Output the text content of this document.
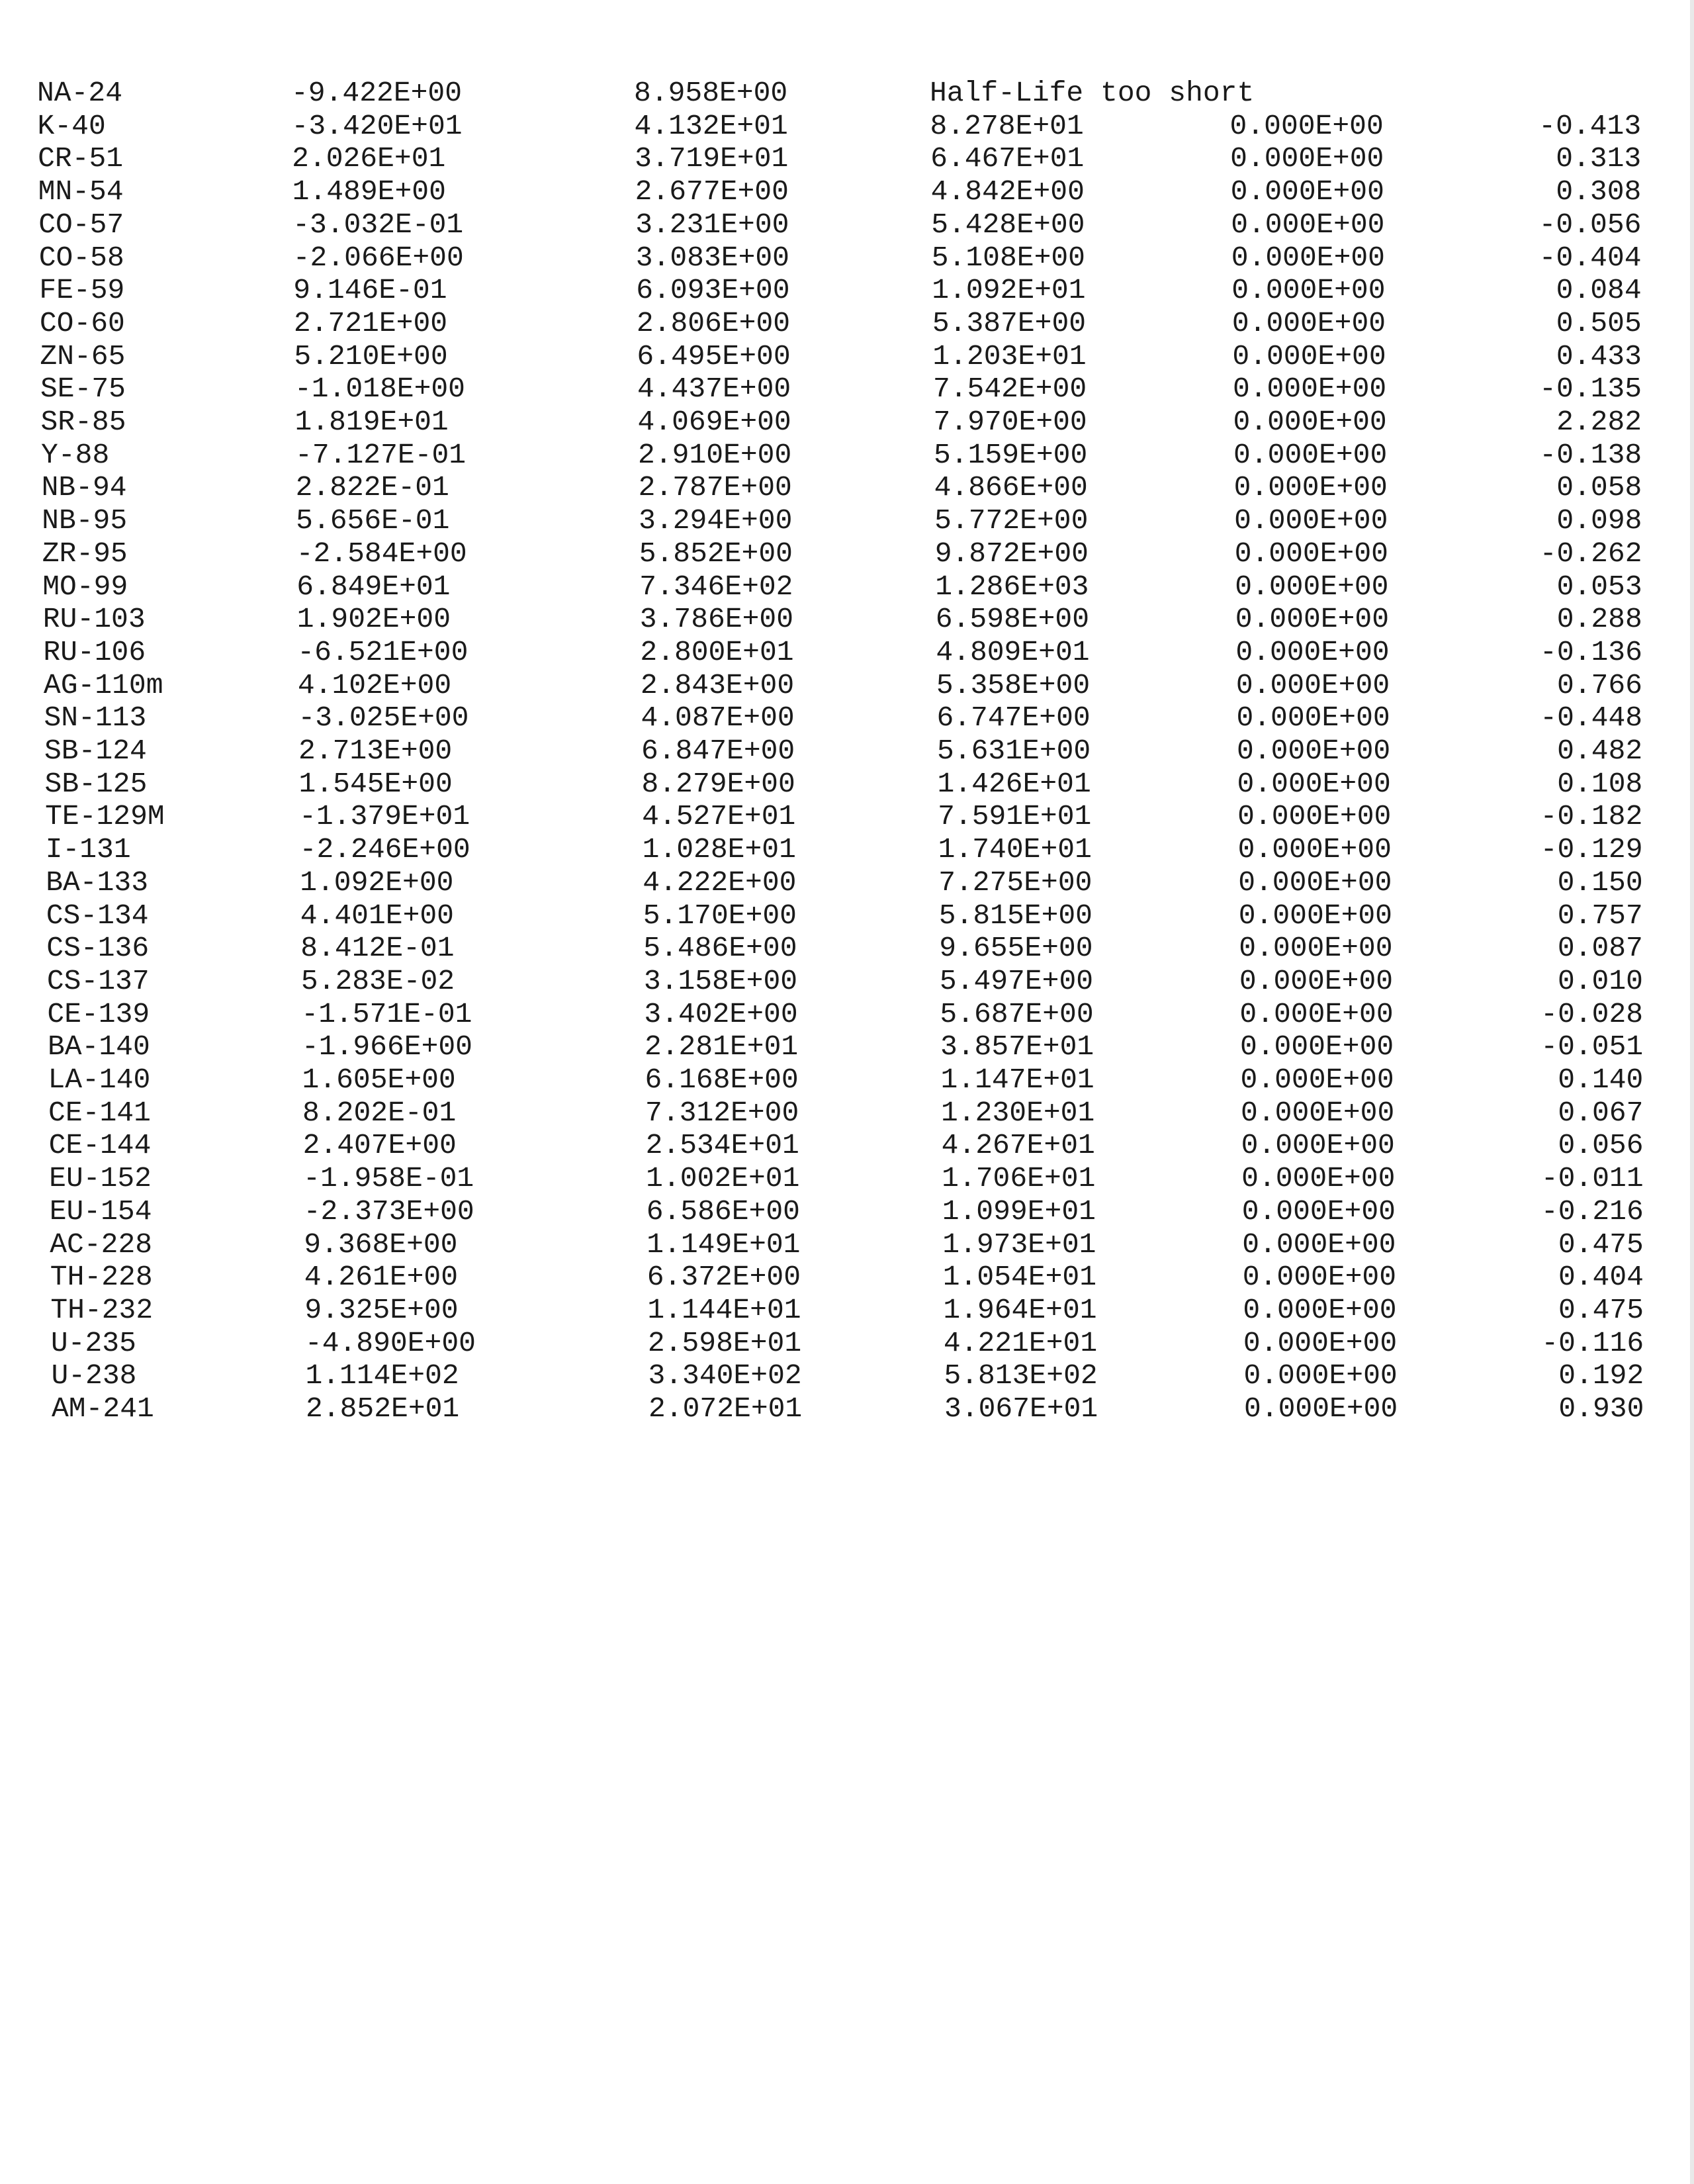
NA-24	-9.422E+00	8.958E+00	Half-Life too short
K-40	-3.420E+01	4.132E+01	8.278E+01	0.000E+00	-0.413
CR-51	2.026E+01	3.719E+01	6.467E+01	0.000E+00	0.313
MN-54	1.489E+00	2.677E+00	4.842E+00	0.000E+00	0.308
CO-57	-3.032E-01	3.231E+00	5.428E+00	0.000E+00	-0.056
CO-58	-2.066E+00	3.083E+00	5.108E+00	0.000E+00	-0.404
FE-59	9.146E-01	6.093E+00	1.092E+01	0.000E+00	0.084
CO-60	2.721E+00	2.806E+00	5.387E+00	0.000E+00	0.505
ZN-65	5.210E+00	6.495E+00	1.203E+01	0.000E+00	0.433
SE-75	-1.018E+00	4.437E+00	7.542E+00	0.000E+00	-0.135
SR-85	1.819E+01	4.069E+00	7.970E+00	0.000E+00	2.282
Y-88	-7.127E-01	2.910E+00	5.159E+00	0.000E+00	-0.138
NB-94	2.822E-01	2.787E+00	4.866E+00	0.000E+00	0.058
NB-95	5.656E-01	3.294E+00	5.772E+00	0.000E+00	0.098
ZR-95	-2.584E+00	5.852E+00	9.872E+00	0.000E+00	-0.262
MO-99	6.849E+01	7.346E+02	1.286E+03	0.000E+00	0.053
RU-103	1.902E+00	3.786E+00	6.598E+00	0.000E+00	0.288
RU-106	-6.521E+00	2.800E+01	4.809E+01	0.000E+00	-0.136
AG-110m	4.102E+00	2.843E+00	5.358E+00	0.000E+00	0.766
SN-113	-3.025E+00	4.087E+00	6.747E+00	0.000E+00	-0.448
SB-124	2.713E+00	6.847E+00	5.631E+00	0.000E+00	0.482
SB-125	1.545E+00	8.279E+00	1.426E+01	0.000E+00	0.108
TE-129M	-1.379E+01	4.527E+01	7.591E+01	0.000E+00	-0.182
I-131	-2.246E+00	1.028E+01	1.740E+01	0.000E+00	-0.129
BA-133	1.092E+00	4.222E+00	7.275E+00	0.000E+00	0.150
CS-134	4.401E+00	5.170E+00	5.815E+00	0.000E+00	0.757
CS-136	8.412E-01	5.486E+00	9.655E+00	0.000E+00	0.087
CS-137	5.283E-02	3.158E+00	5.497E+00	0.000E+00	0.010
CE-139	-1.571E-01	3.402E+00	5.687E+00	0.000E+00	-0.028
BA-140	-1.966E+00	2.281E+01	3.857E+01	0.000E+00	-0.051
LA-140	1.605E+00	6.168E+00	1.147E+01	0.000E+00	0.140
CE-141	8.202E-01	7.312E+00	1.230E+01	0.000E+00	0.067
CE-144	2.407E+00	2.534E+01	4.267E+01	0.000E+00	0.056
EU-152	-1.958E-01	1.002E+01	1.706E+01	0.000E+00	-0.011
EU-154	-2.373E+00	6.586E+00	1.099E+01	0.000E+00	-0.216
AC-228	9.368E+00	1.149E+01	1.973E+01	0.000E+00	0.475
TH-228	4.261E+00	6.372E+00	1.054E+01	0.000E+00	0.404
TH-232	9.325E+00	1.144E+01	1.964E+01	0.000E+00	0.475
U-235	-4.890E+00	2.598E+01	4.221E+01	0.000E+00	-0.116
U-238	1.114E+02	3.340E+02	5.813E+02	0.000E+00	0.192
AM-241	2.852E+01	2.072E+01	3.067E+01	0.000E+00	0.930
